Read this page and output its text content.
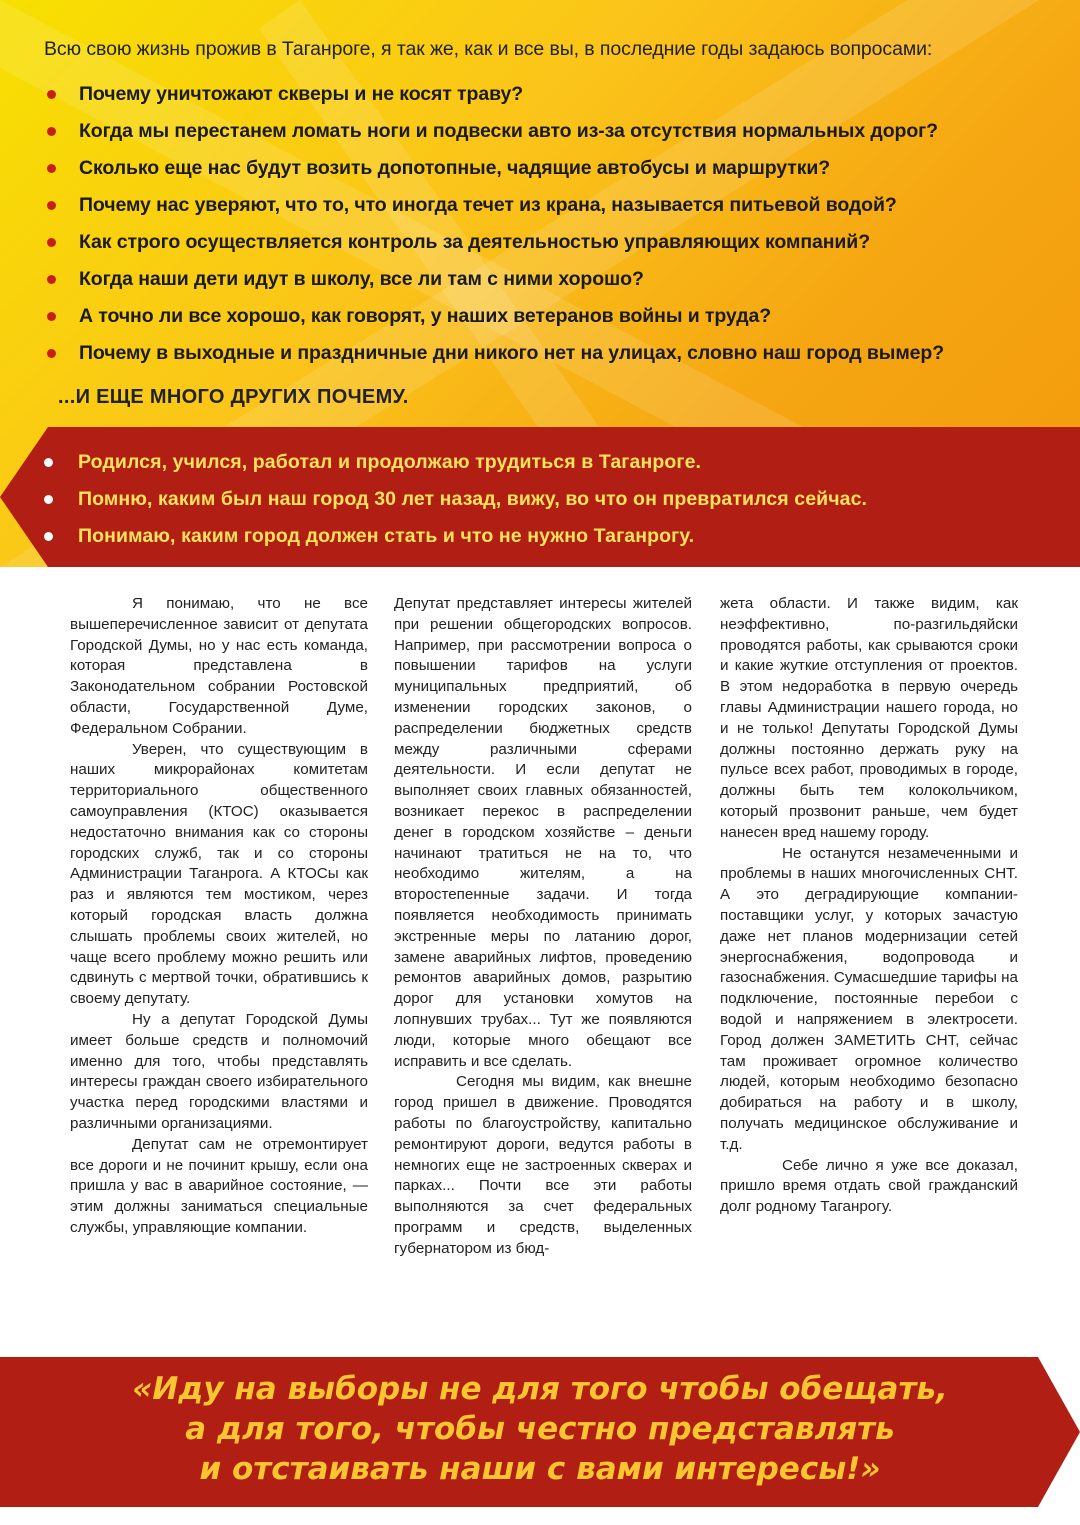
Всю свою жизнь прожив в Таганроге, я так же, как и все вы, в последние годы задаюсь вопросами:
Почему уничтожают скверы и не косят траву?
Когда мы перестанем ломать ноги и подвески авто из-за отсутствия нормальных дорог?
Сколько еще нас будут возить допотопные, чадящие автобусы и маршрутки?
Почему нас уверяют, что то, что иногда течет из крана, называется питьевой водой?
Как строго осуществляется контроль за деятельностью управляющих компаний?
Когда наши дети идут в школу, все ли там с ними хорошо?
А точно ли все хорошо, как говорят, у наших ветеранов войны и труда?
Почему в выходные и праздничные дни никого нет на улицах, словно наш город вымер?
...И ЕЩЕ МНОГО ДРУГИХ ПОЧЕМУ.
Родился, учился, работал и продолжаю трудиться в Таганроге.
Помню, каким был наш город 30 лет назад, вижу, во что он превратился сейчас.
Понимаю, каким город должен стать и что не нужно Таганрогу.

Я понимаю, что не все вышеперечисленное зависит от депутата Городской Думы, но у нас есть команда, которая представлена в Законодательном собрании Ростовской области, Государственной Думе, Федеральном Собрании.

Уверен, что существующим в наших микрорайонах комитетам территориального общественного самоуправления (КТОС) оказывается недостаточно внимания как со стороны городских служб, так и со стороны Администрации Таганрога. А КТОСы как раз и являются тем мостиком, через который городская власть должна слышать проблемы своих жителей, но чаще всего проблему можно решить или сдвинуть с мертвой точки, обратившись к своему депутату.

Ну а депутат Городской Думы имеет больше средств и полномочий именно для того, чтобы представлять интересы граждан своего избирательного участка перед городскими властями и различными организациями.

Депутат сам не отремонтирует все дороги и не починит крышу, если она пришла у вас в аварийное состояние, — этим должны заниматься специальные службы, управляющие компании.

Депутат представляет интересы жителей при решении общегородских вопросов. Например, при рассмотрении вопроса о повышении тарифов на услуги муниципальных предприятий, об изменении городских законов, о распределении бюджетных средств между различными сферами деятельности. И если депутат не выполняет своих главных обязанностей, возникает перекос в распределении денег в городском хозяйстве – деньги начинают тратиться не на то, что необходимо жителям, а на второстепенные задачи. И тогда появляется необходимость принимать экстренные меры по латанию дорог, замене аварийных лифтов, проведению ремонтов аварийных домов, разрытию дорог для установки хомутов на лопнувших трубах... Тут же появляются люди, которые много обещают все исправить и все сделать.

Сегодня мы видим, как внешне город пришел в движение. Проводятся работы по благоустройству, капитально ремонтируют дороги, ведутся работы в немногих еще не застроенных скверах и парках... Почти все эти работы выполняются за счет федеральных программ и средств, выделенных губернатором из бюд-

жета области. И также видим, как неэффективно, по-разгильдяйски проводятся работы, как срываются сроки и какие жуткие отступления от проектов. В этом недоработка в первую очередь главы Администрации нашего города, но и не только! Депутаты Городской Думы должны постоянно держать руку на пульсе всех работ, проводимых в городе, должны быть тем колокольчиком, который прозвонит раньше, чем будет нанесен вред нашему городу.

Не останутся незамеченными и проблемы в наших многочисленных СНТ. А это деградирующие компании-поставщики услуг, у которых зачастую даже нет планов модернизации сетей энергоснабжения, водопровода и газоснабжения. Сумасшедшие тарифы на подключение, постоянные перебои с водой и напряжением в электросети. Город должен ЗАМЕТИТЬ СНТ, сейчас там проживает огромное количество людей, которым необходимо безопасно добираться на работу и в школу, получать медицинское обслуживание и т.д.

Себе лично я уже все доказал, пришло время отдать свой гражданский долг родному Таганрогу.

«Иду на выборы не для того чтобы обещать,
а для того, чтобы честно представлять
и отстаивать наши с вами интересы!»
